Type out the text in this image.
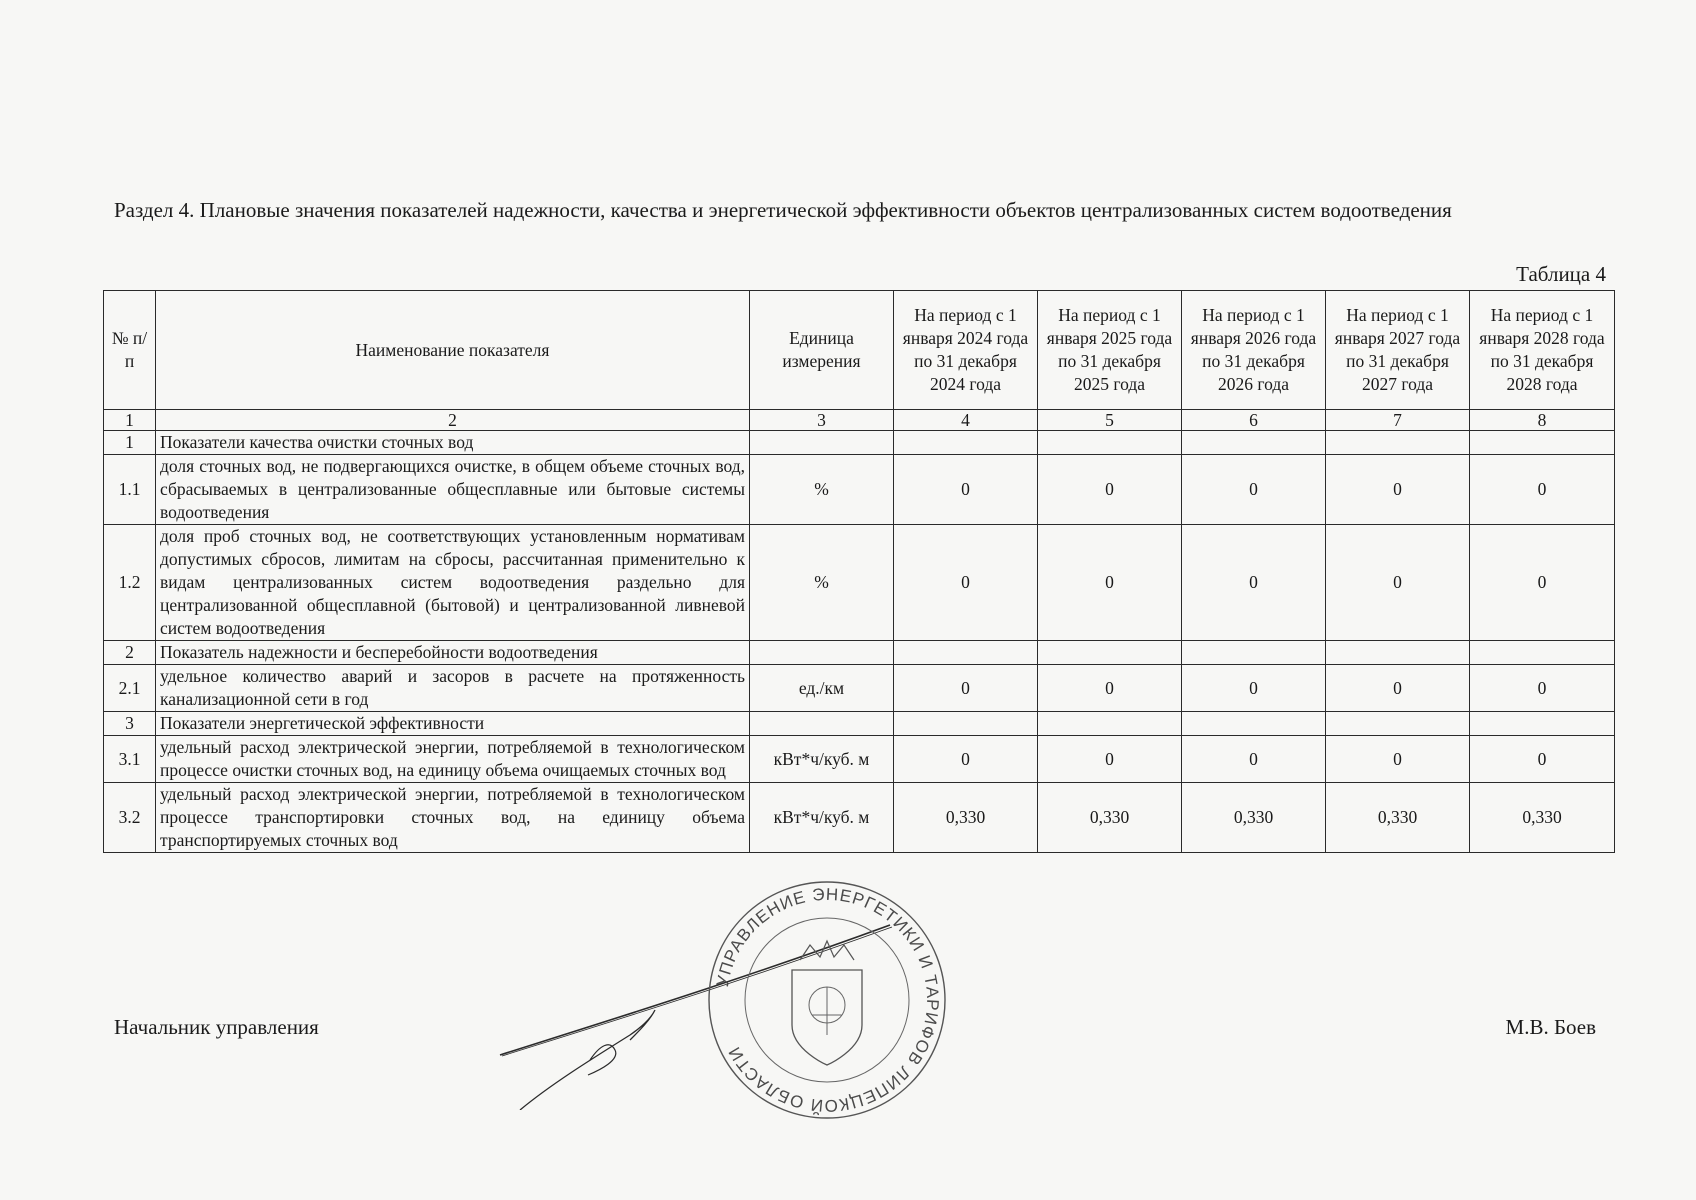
Раздел 4. Плановые значения показателей надежности, качества и энергетической эффективности объектов централизованных систем водоотведения
Таблица 4
№ п/п	Наименование показателя	Единица измерения	На период с 1 января 2024 года по 31 декабря 2024 года	На период с 1 января 2025 года по 31 декабря 2025 года	На период с 1 января 2026 года по 31 декабря 2026 года	На период с 1 января 2027 года по 31 декабря 2027 года	На период с 1 января 2028 года по 31 декабря 2028 года
1	2	3	4	5	6	7	8
1	Показатели качества очистки сточных вод						
1.1	доля сточных вод, не подвергающихся очистке, в общем объеме сточных вод, сбрасываемых в централизованные общесплавные или бытовые системы водоотведения	%	0	0	0	0	0
1.2	доля проб сточных вод, не соответствующих установленным нормативам допустимых сбросов, лимитам на сбросы, рассчитанная применительно к видам централизованных систем водоотведения раздельно для централизованной общесплавной (бытовой) и централизованной ливневой систем водоотведения	%	0	0	0	0	0
2	Показатель надежности и бесперебойности водоотведения						
2.1	удельное количество аварий и засоров в расчете на протяженность канализационной сети в год	ед./км	0	0	0	0	0
3	Показатели энергетической эффективности						
3.1	удельный расход электрической энергии, потребляемой в технологическом процессе очистки сточных вод, на единицу объема очищаемых сточных вод	кВт*ч/куб. м	0	0	0	0	0
3.2	удельный расход электрической энергии, потребляемой в технологическом процессе транспортировки сточных вод, на единицу объема транспортируемых сточных вод	кВт*ч/куб. м	0,330	0,330	0,330	0,330	0,330
Начальник управления	М.В. Боев
УПРАВЛЕНИЕ ЭНЕРГЕТИКИ И ТАРИФОВ ЛИПЕЦКОЙ ОБЛАСТИ
